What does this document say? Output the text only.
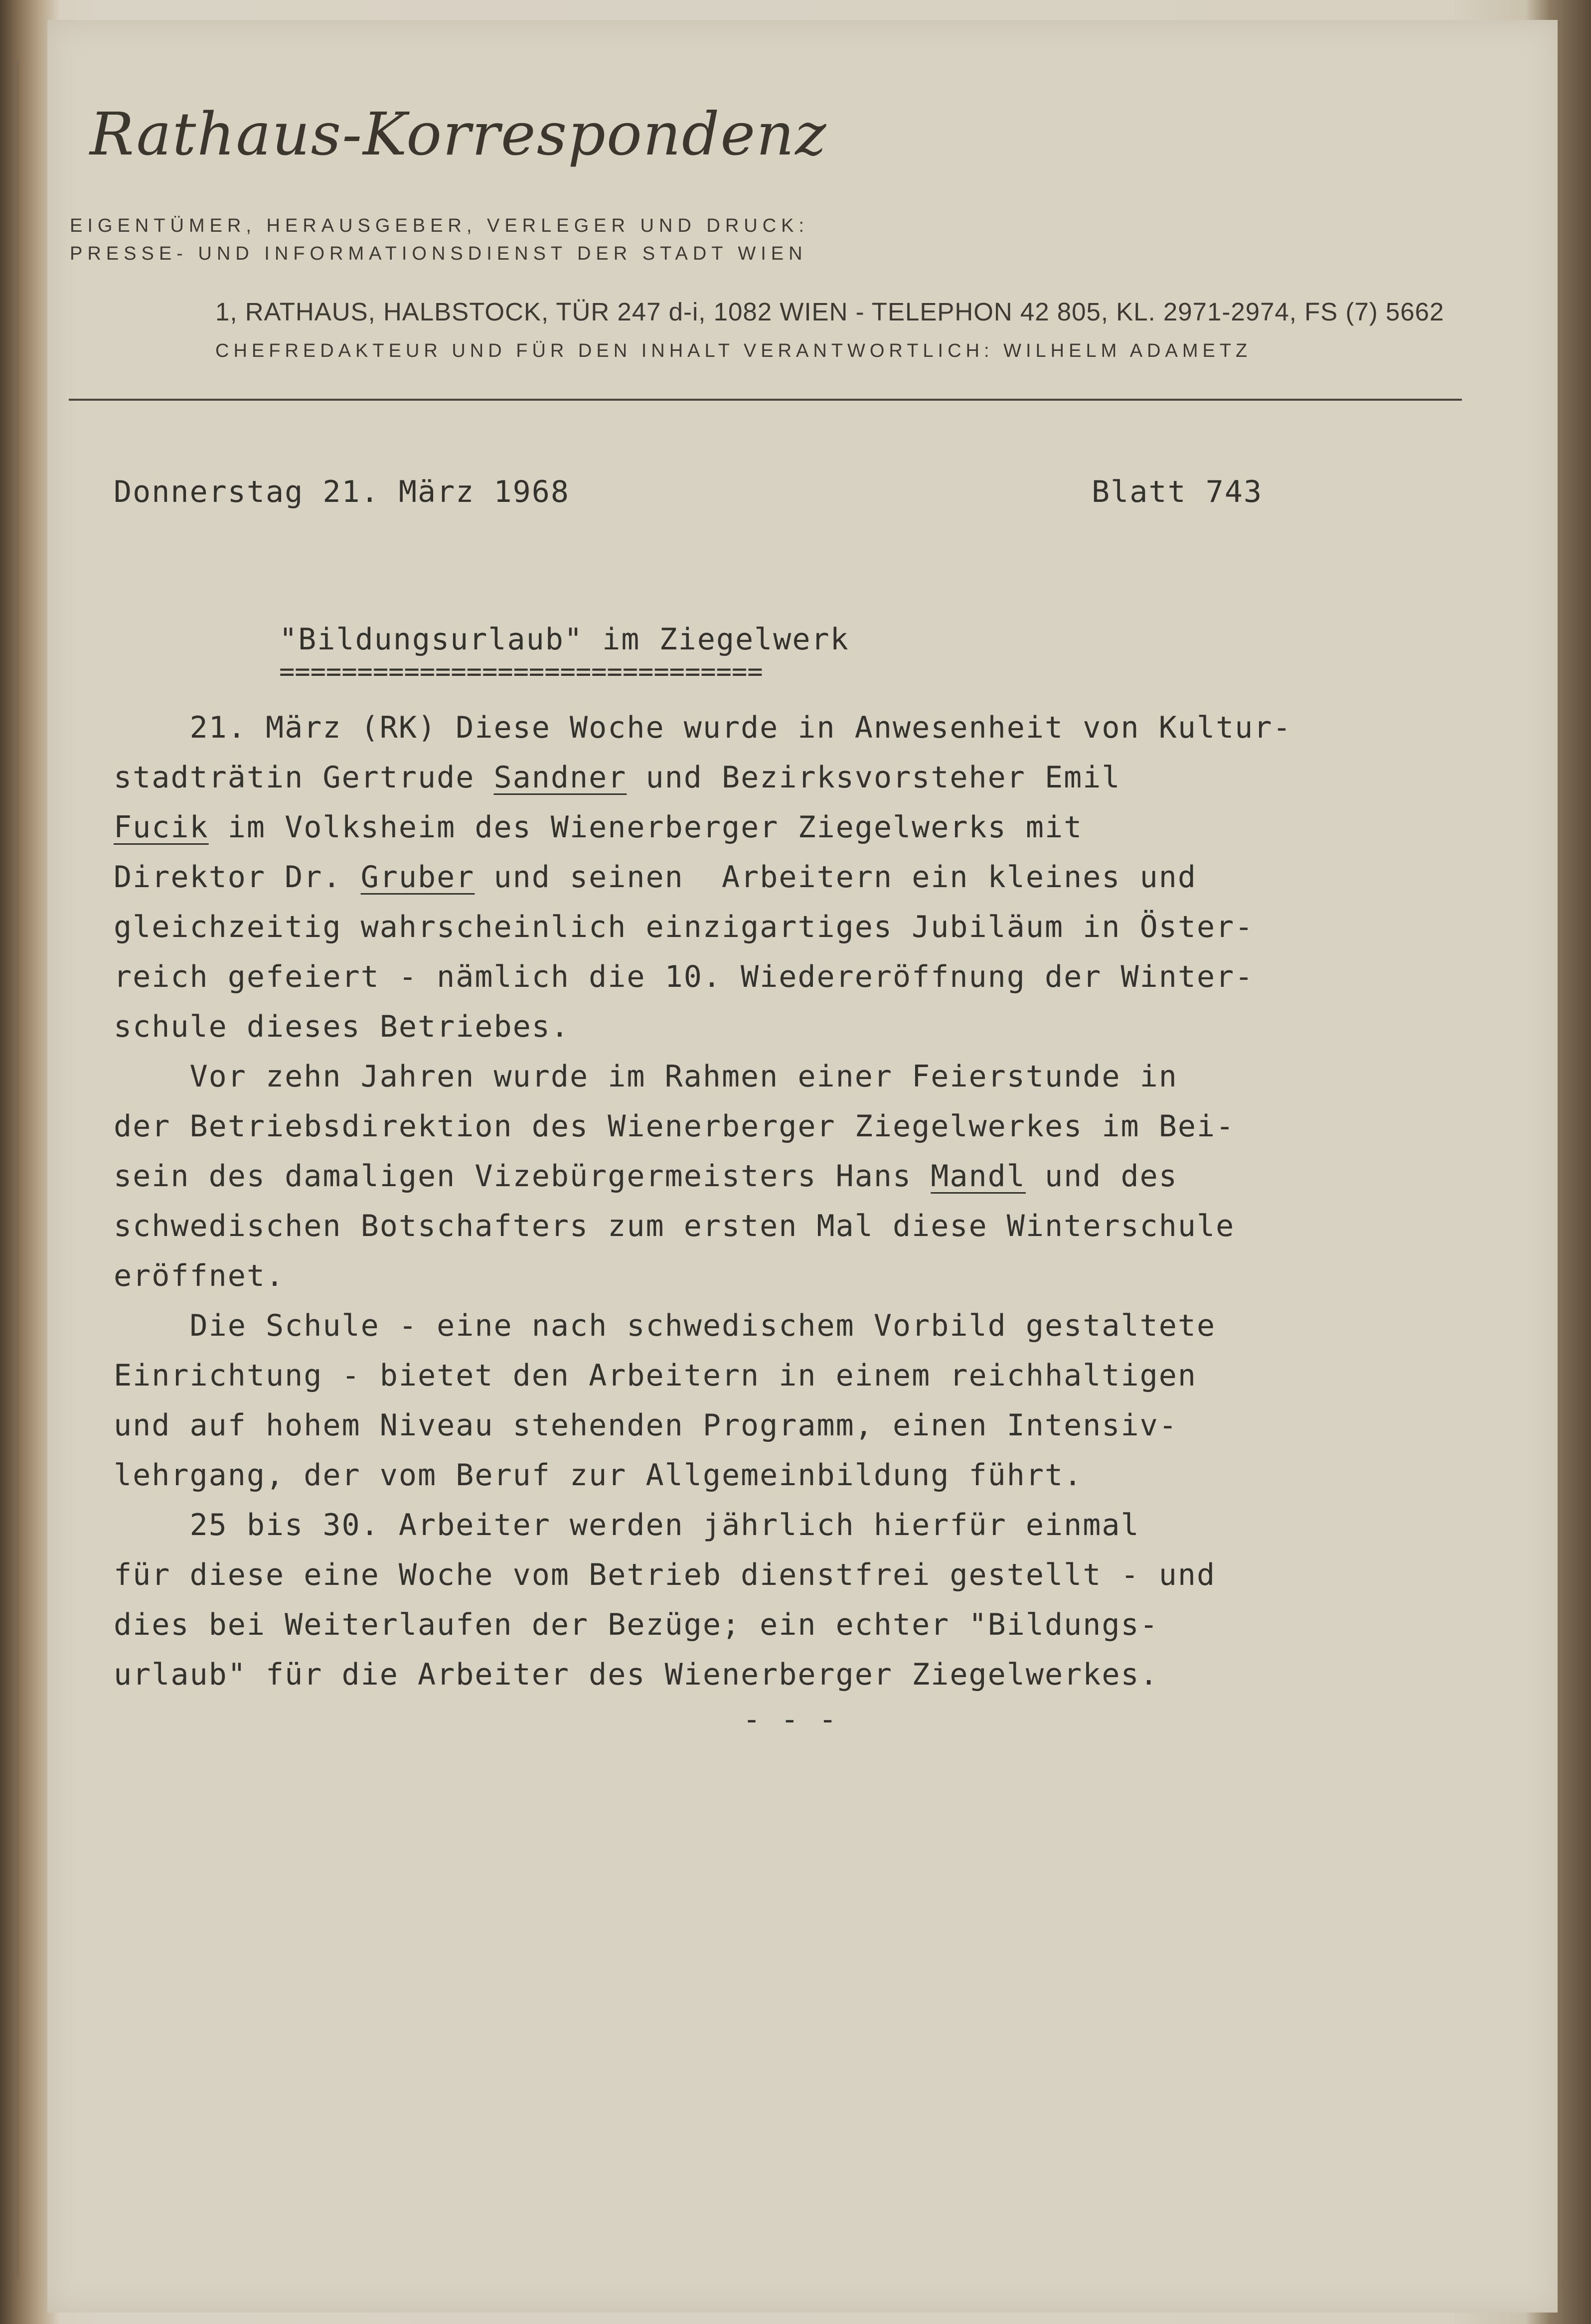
Rathaus-Korrespondenz
EIGENTÜMER, HERAUSGEBER, VERLEGER UND DRUCK:
PRESSE- UND INFORMATIONSDIENST DER STADT WIEN
1, RATHAUS, HALBSTOCK, TÜR 247 d-i, 1082 WIEN - TELEPHON 42 805, KL. 2971-2974, FS (7) 5662
CHEFREDAKTEUR UND FÜR DEN INHALT VERANTWORTLICH: WILHELM ADAMETZ
Donnerstag 21. März 1968	Blatt 743
"Bildungsurlaub" im Ziegelwerk
===============================
21. März (RK) Diese Woche wurde in Anwesenheit von Kultur-
stadträtin Gertrude Sandner und Bezirksvorsteher Emil
Fucik im Volksheim des Wienerberger Ziegelwerks mit
Direktor Dr. Gruber und seinen  Arbeitern ein kleines und
gleichzeitig wahrscheinlich einzigartiges Jubiläum in Öster-
reich gefeiert - nämlich die 10. Wiedereröffnung der Winter-
schule dieses Betriebes.
Vor zehn Jahren wurde im Rahmen einer Feierstunde in
der Betriebsdirektion des Wienerberger Ziegelwerkes im Bei-
sein des damaligen Vizebürgermeisters Hans Mandl und des
schwedischen Botschafters zum ersten Mal diese Winterschule
eröffnet.
Die Schule - eine nach schwedischem Vorbild gestaltete
Einrichtung - bietet den Arbeitern in einem reichhaltigen
und auf hohem Niveau stehenden Programm, einen Intensiv-
lehrgang, der vom Beruf zur Allgemeinbildung führt.
25 bis 30. Arbeiter werden jährlich hierfür einmal
für diese eine Woche vom Betrieb dienstfrei gestellt - und
dies bei Weiterlaufen der Bezüge; ein echter "Bildungs-
urlaub" für die Arbeiter des Wienerberger Ziegelwerkes.
- - -
